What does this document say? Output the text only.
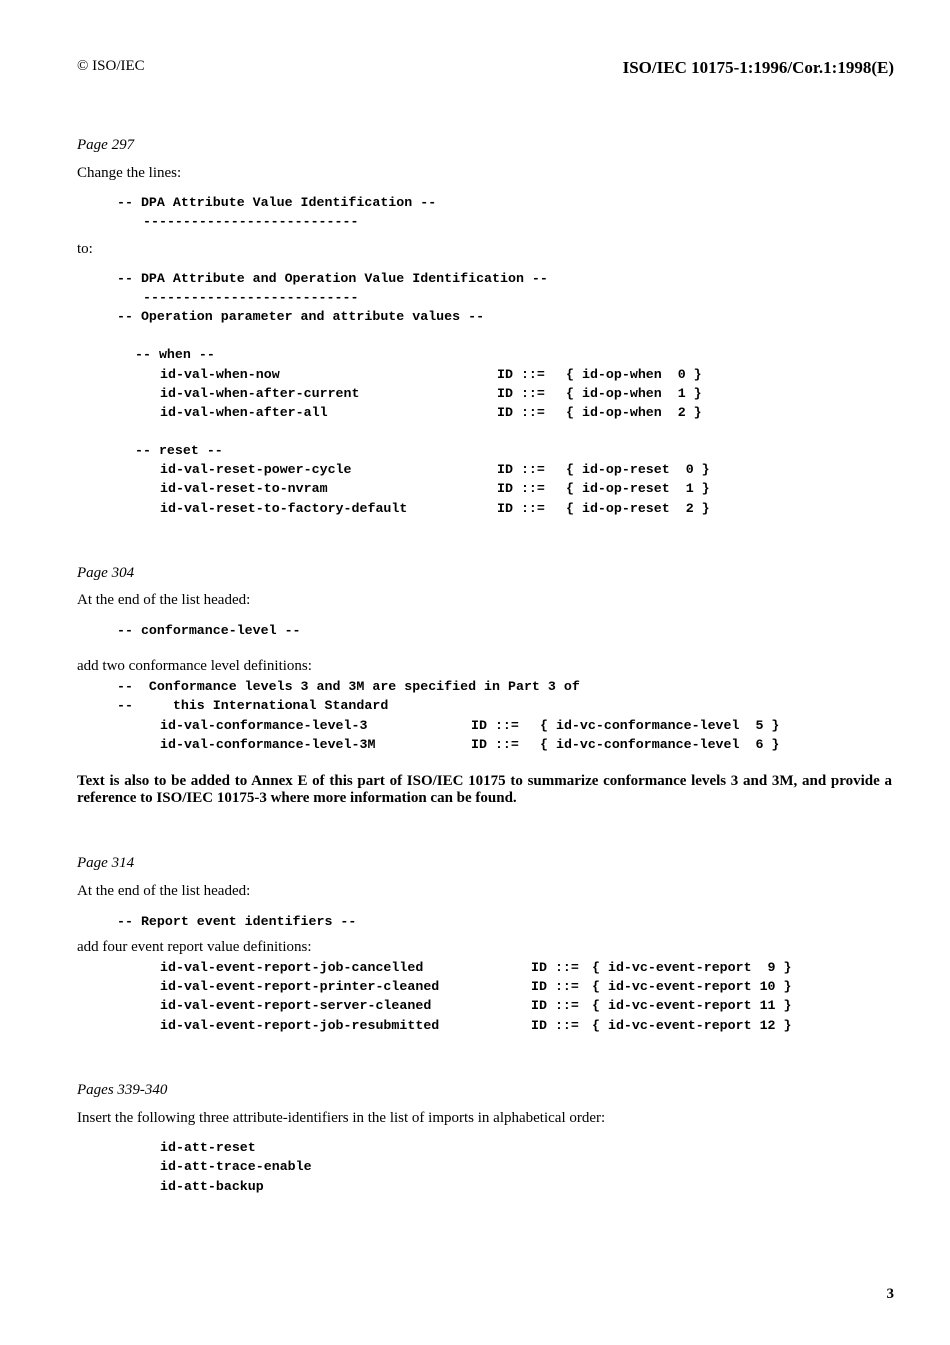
© ISO/IEC	ISO/IEC 10175-1:1996/Cor.1:1998(E)
Page 297
Change the lines:
-- DPA Attribute Value Identification --
---------------------------
to:
-- DPA Attribute and Operation Value Identification --
---------------------------
-- Operation parameter and attribute values --
-- when --
id-val-when-now	ID ::= { id-op-when  0 }
id-val-when-after-current	ID ::= { id-op-when  1 }
id-val-when-after-all	ID ::= { id-op-when  2 }
-- reset --
id-val-reset-power-cycle	ID ::= { id-op-reset  0 }
id-val-reset-to-nvram	ID ::= { id-op-reset  1 }
id-val-reset-to-factory-default	ID ::= { id-op-reset  2 }
Page 304
At the end of the list headed:
-- conformance-level --
add two conformance level definitions:
--  Conformance levels 3 and 3M are specified in Part 3 of
--     this International Standard
id-val-conformance-level-3	ID ::= { id-vc-conformance-level  5 }
id-val-conformance-level-3M	ID ::= { id-vc-conformance-level  6 }
Text is also to be added to Annex E of this part of ISO/IEC 10175 to summarize conformance levels 3 and 3M, and provide a reference to ISO/IEC 10175-3 where more information can be found.
Page 314
At the end of the list headed:
-- Report event identifiers --
add four event report value definitions:
id-val-event-report-job-cancelled	ID ::= { id-vc-event-report  9 }
id-val-event-report-printer-cleaned	ID ::= { id-vc-event-report 10 }
id-val-event-report-server-cleaned	ID ::= { id-vc-event-report 11 }
id-val-event-report-job-resubmitted	ID ::= { id-vc-event-report 12 }
Pages 339-340
Insert the following three attribute-identifiers in the list of imports in alphabetical order:
id-att-reset
id-att-trace-enable
id-att-backup
3
